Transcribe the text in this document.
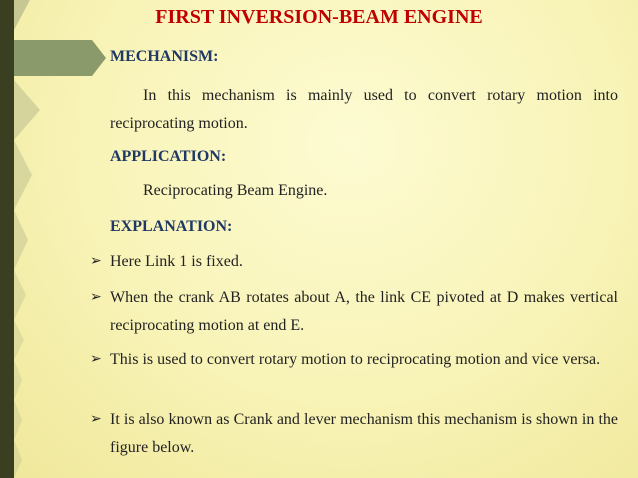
FIRST INVERSION-BEAM ENGINE
MECHANISM:
In this mechanism is mainly used to convert rotary motion into reciprocating motion.
APPLICATION:
Reciprocating Beam Engine.
EXPLANATION:
➢ Here Link 1 is fixed.
➢ When the crank AB rotates about A, the link CE pivoted at D makes vertical reciprocating motion at end E.
➢ This is used to convert rotary motion to reciprocating motion and vice versa.
➢ It is also known as Crank and lever mechanism this mechanism is shown in the figure below.
